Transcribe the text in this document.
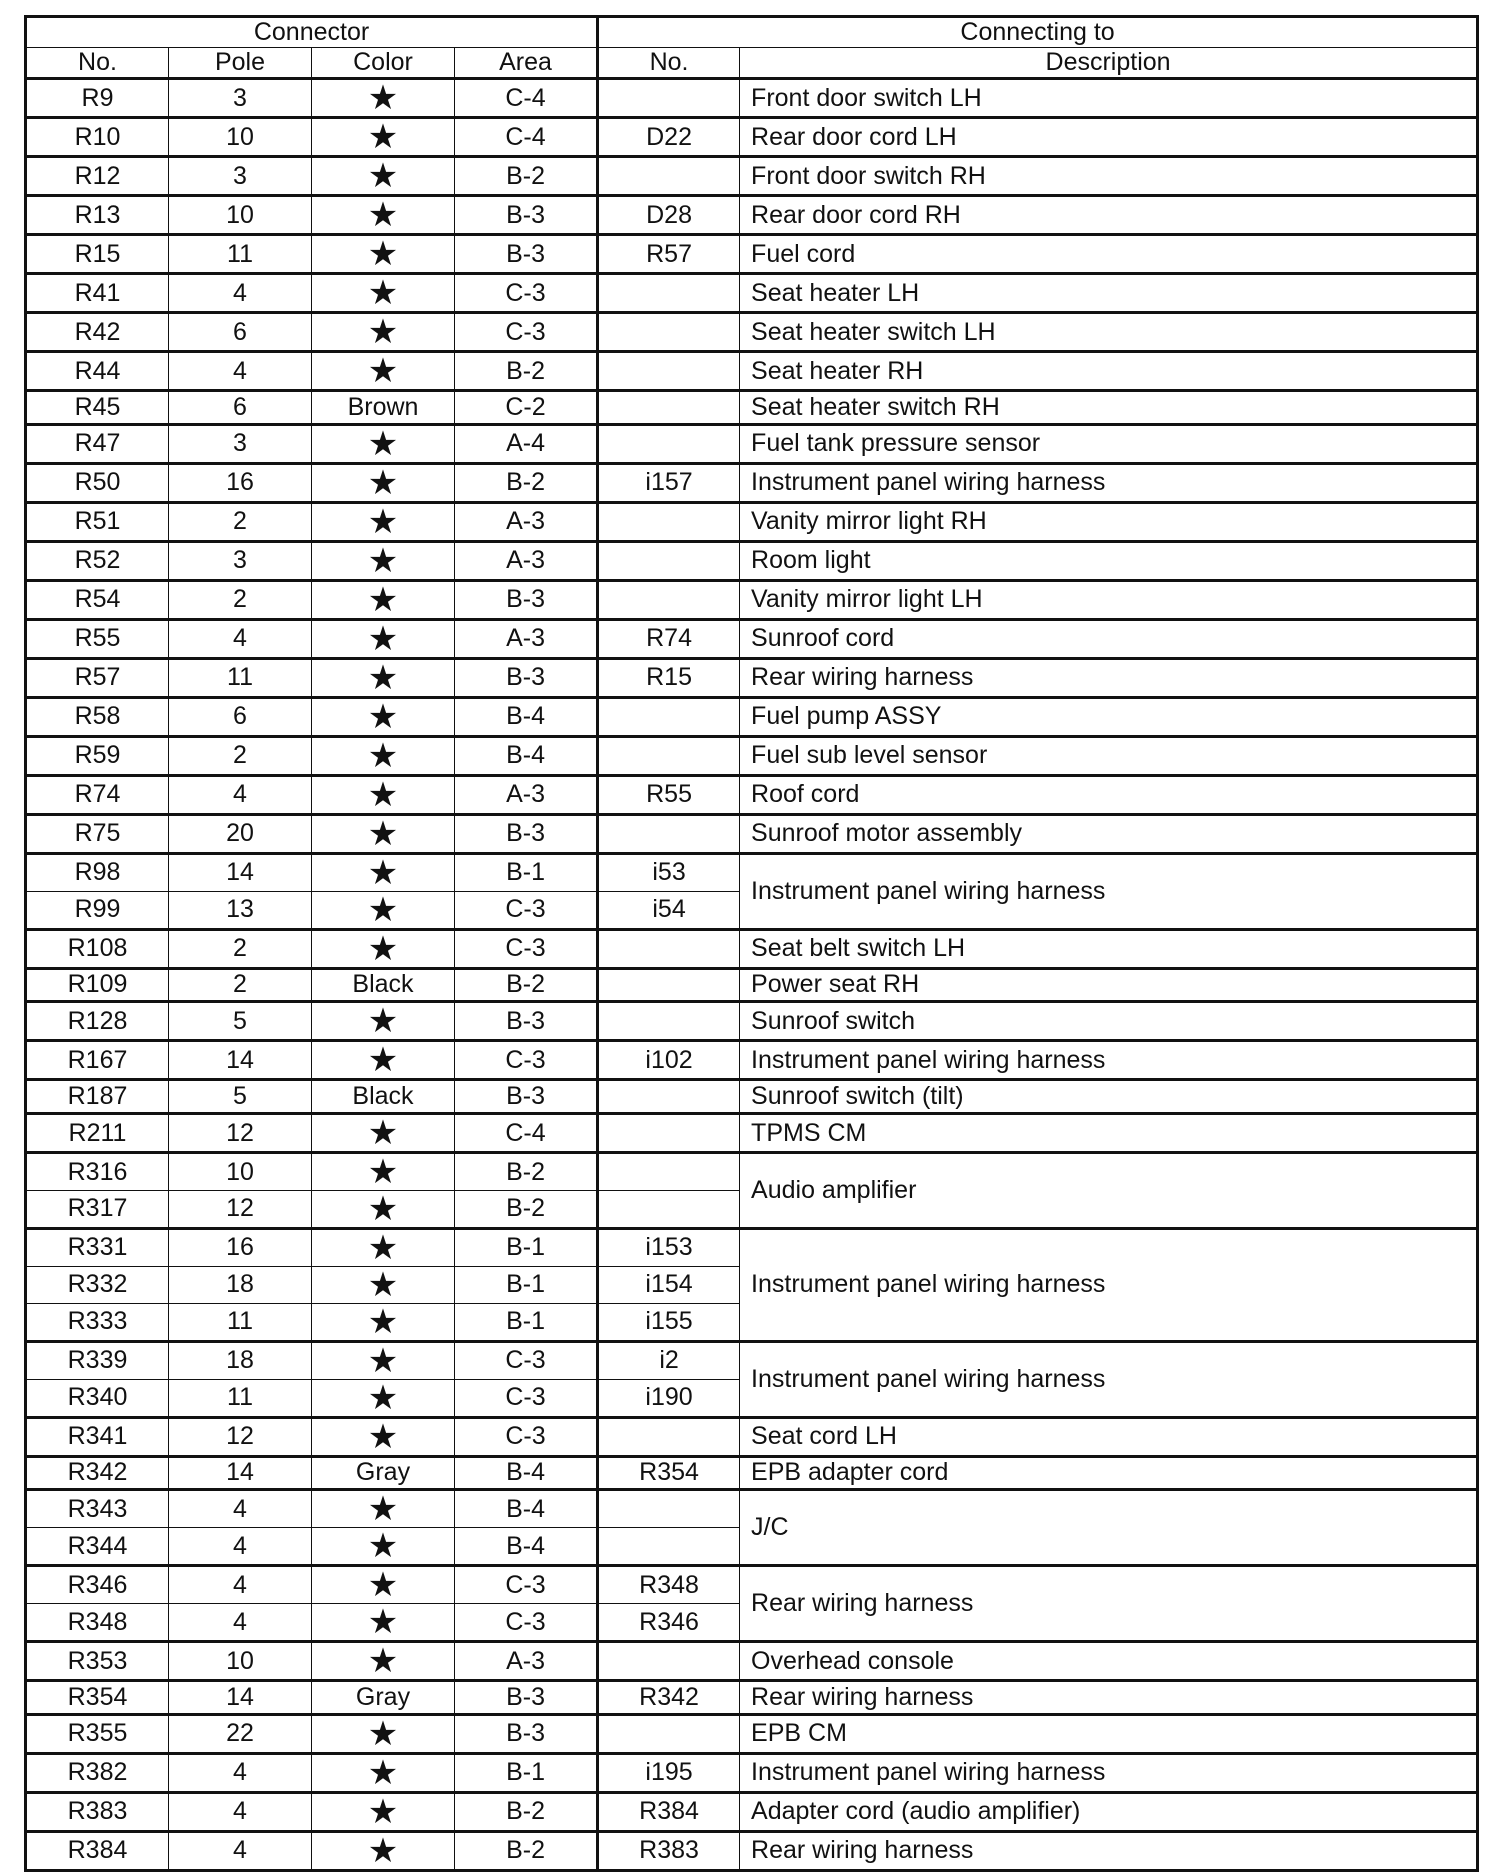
Connector				Connecting to	
No.	Pole	Color	Area	No.	Description
R9	3	★	C-4		Front door switch LH
R10	10	★	C-4	D22	Rear door cord LH
R12	3	★	B-2		Front door switch RH
R13	10	★	B-3	D28	Rear door cord RH
R15	11	★	B-3	R57	Fuel cord
R41	4	★	C-3		Seat heater LH
R42	6	★	C-3		Seat heater switch LH
R44	4	★	B-2		Seat heater RH
R45	6	Brown	C-2		Seat heater switch RH
R47	3	★	A-4		Fuel tank pressure sensor
R50	16	★	B-2	i157	Instrument panel wiring harness
R51	2	★	A-3		Vanity mirror light RH
R52	3	★	A-3		Room light
R54	2	★	B-3		Vanity mirror light LH
R55	4	★	A-3	R74	Sunroof cord
R57	11	★	B-3	R15	Rear wiring harness
R58	6	★	B-4		Fuel pump ASSY
R59	2	★	B-4		Fuel sub level sensor
R74	4	★	A-3	R55	Roof cord
R75	20	★	B-3		Sunroof motor assembly
R98	14	★	B-1	i53	Instrument panel wiring harness
R99	13	★	C-3	i54	
R108	2	★	C-3		Seat belt switch LH
R109	2	Black	B-2		Power seat RH
R128	5	★	B-3		Sunroof switch
R167	14	★	C-3	i102	Instrument panel wiring harness
R187	5	Black	B-3		Sunroof switch (tilt)
R211	12	★	C-4		TPMS CM
R316	10	★	B-2		Audio amplifier
R317	12	★	B-2		
R331	16	★	B-1	i153	Instrument panel wiring harness
R332	18	★	B-1	i154	
R333	11	★	B-1	i155	
R339	18	★	C-3	i2	Instrument panel wiring harness
R340	11	★	C-3	i190	
R341	12	★	C-3		Seat cord LH
R342	14	Gray	B-4	R354	EPB adapter cord
R343	4	★	B-4		J/C
R344	4	★	B-4		
R346	4	★	C-3	R348	Rear wiring harness
R348	4	★	C-3	R346	
R353	10	★	A-3		Overhead console
R354	14	Gray	B-3	R342	Rear wiring harness
R355	22	★	B-3		EPB CM
R382	4	★	B-1	i195	Instrument panel wiring harness
R383	4	★	B-2	R384	Adapter cord (audio amplifier)
R384	4	★	B-2	R383	Rear wiring harness
